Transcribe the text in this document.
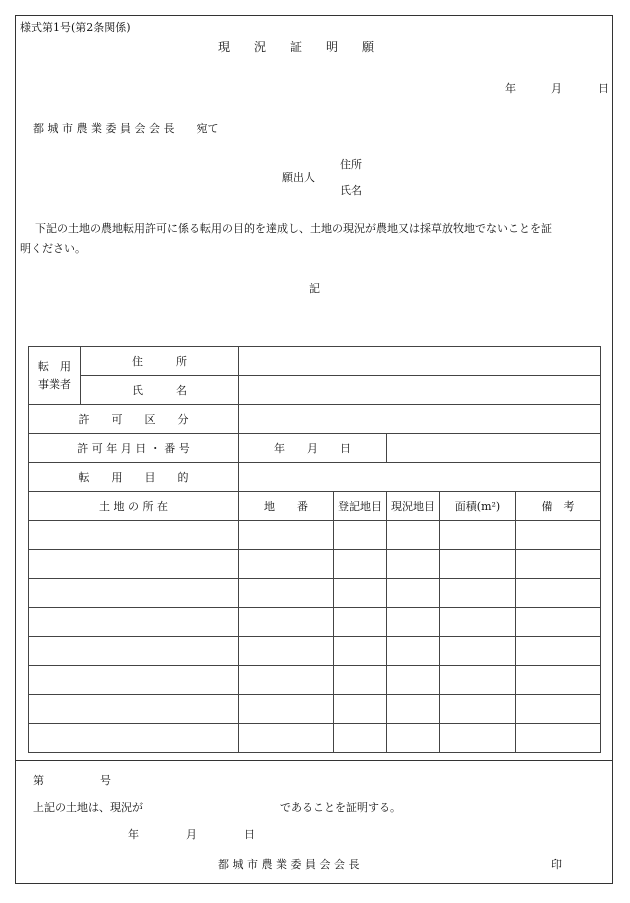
様式第1号(第2条関係)
現　　況　　証　　明　　願
年	月	日
都 城 市 農 業 委 員 会 会 長　　宛て
住所
願出人
氏名
下記の土地の農地転用許可に係る転用の目的を達成し、土地の現況が農地又は採草放牧地でないことを証
明ください。
記
転　用
事業者	住　　　所					
	氏　　　名					
許　　可　　区　　分						
許 可 年 月 日 ・ 番 号		年　　月　　日				
転　　用　　目　　的						
土 地 の 所 在		地　　番	登記地目	現況地目	面積(m²)	備　考

第	号
上記の土地は、現況が	であることを証明する。
年	月	日
都 城 市 農 業 委 員 会 会 長	印
